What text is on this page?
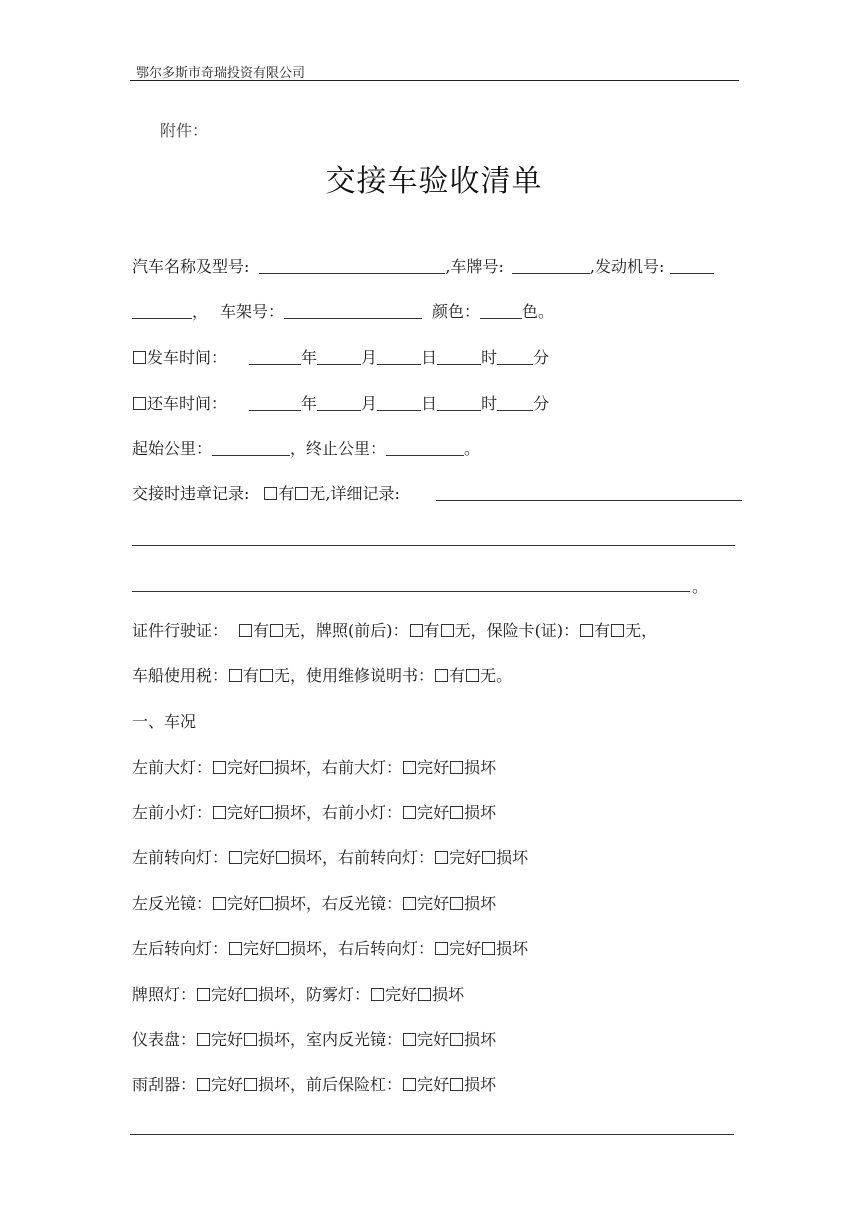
鄂尔多斯市奇瑞投资有限公司
附件：
交接车验收清单
汽车名称及型号:	,车牌号:	,发动机号:
， 车架号：	颜色：	色。
发车时间：	年	月	日	时 分
还车时间：	年	月	日	时 分
起始公里：	，终止公里：	。
交接时违章记录: 有 无,详细记录:
。
证件行驶证： 有 无，牌照(前后)： 有 无，保险卡(证)： 有 无，
车船使用税： 有 无，使用维修说明书： 有 无。
一、车况
左前大灯： 完好 损坏，右前大灯： 完好 损坏
左前小灯： 完好 损坏，右前小灯： 完好 损坏
左前转向灯： 完好 损坏，右前转向灯： 完好 损坏
左反光镜： 完好 损坏，右反光镜： 完好 损坏
左后转向灯： 完好 损坏，右后转向灯： 完好 损坏
牌照灯： 完好 损坏，防雾灯： 完好 损坏
仪表盘： 完好 损坏，室内反光镜： 完好 损坏
雨刮器： 完好 损坏，前后保险杠： 完好 损坏
